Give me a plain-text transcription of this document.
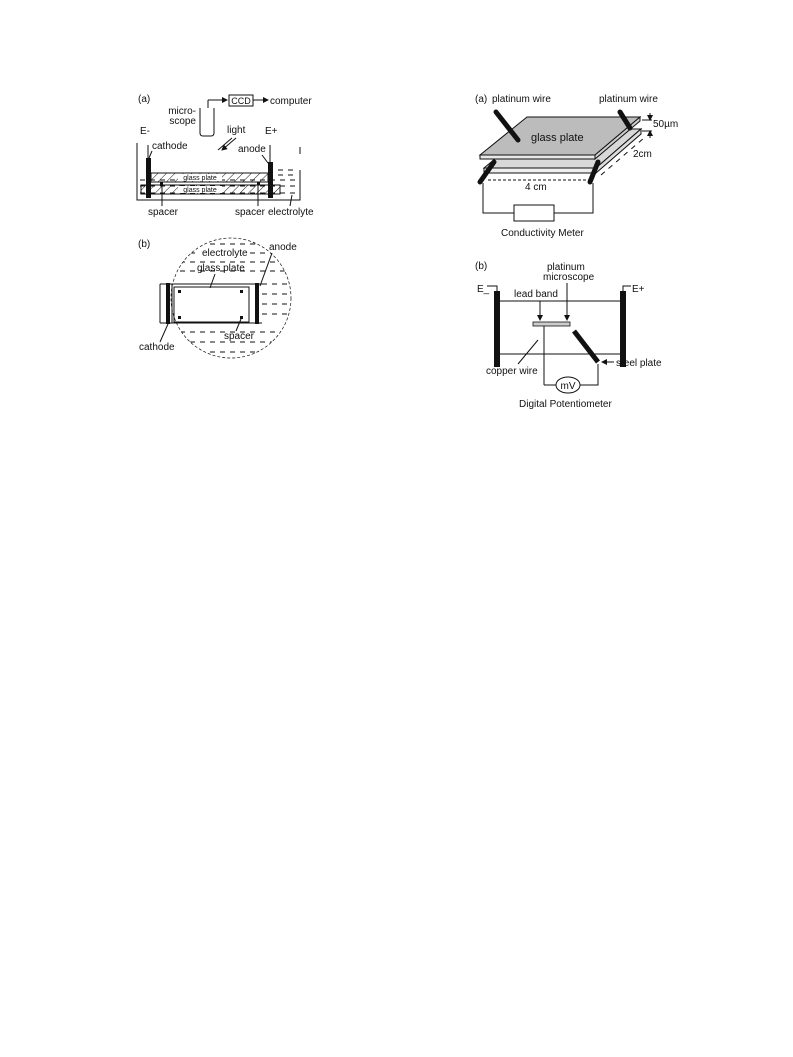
(a)
micro-
scope
CCD computer
light
E-	E+
cathode	anode
glass plate
glass plate
spacer	spacer electrolyte
(b)
electrolyte
anode
glass plate
spacer
cathode
(a) platinum wire	platinum wire
glass plate
50µm
2cm
4 cm
Conductivity Meter
(b)	platinum
microscope
lead band
E_	E+
copper wire
mV
steel plate
Digital Potentiometer
